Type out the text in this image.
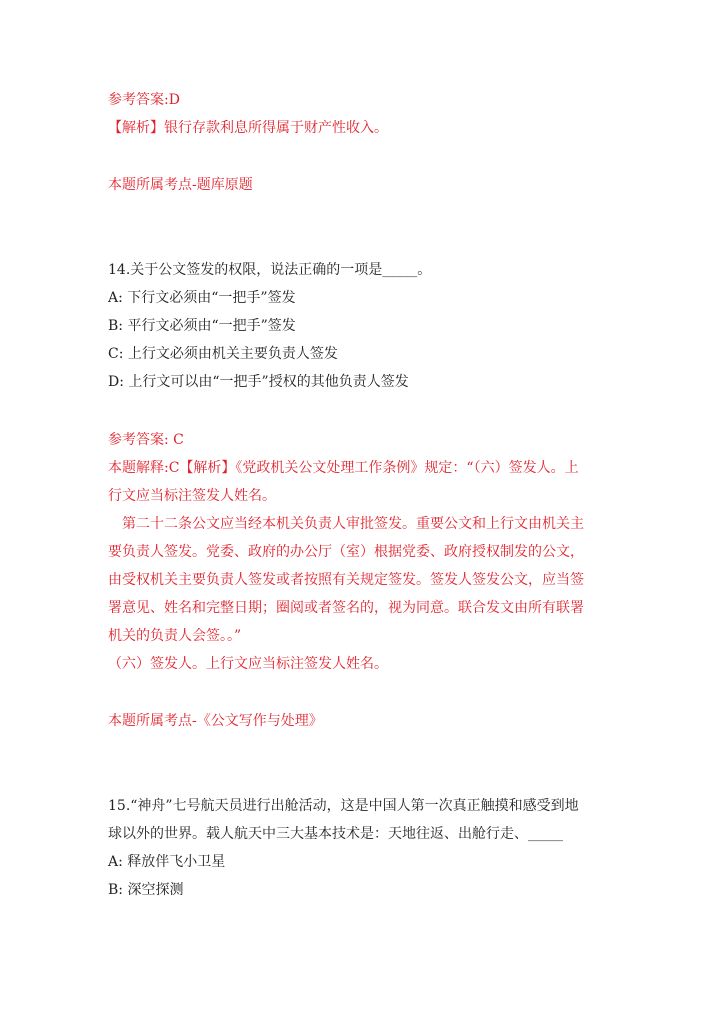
参考答案:D
【解析】银行存款利息所得属于财产性收入。
本题所属考点-题库原题
14.关于公文签发的权限，说法正确的一项是_____。
A: 下行文必须由“一把手”签发
B: 平行文必须由“一把手”签发
C: 上行文必须由机关主要负责人签发
D: 上行文可以由“一把手”授权的其他负责人签发
参考答案: C
本题解释:C【解析】《党政机关公文处理工作条例》规定：“（六）签发人。上
行文应当标注签发人姓名。
第二十二条公文应当经本机关负责人审批签发。重要公文和上行文由机关主
要负责人签发。党委、政府的办公厅（室）根据党委、政府授权制发的公文，
由受权机关主要负责人签发或者按照有关规定签发。签发人签发公文，应当签
署意见、姓名和完整日期；圈阅或者签名的，视为同意。联合发文由所有联署
机关的负责人会签。。”
（六）签发人。上行文应当标注签发人姓名。
本题所属考点-《公文写作与处理》
15.“神舟”七号航天员进行出舱活动，这是中国人第一次真正触摸和感受到地
球以外的世界。载人航天中三大基本技术是：天地往返、出舱行走、_____
A: 释放伴飞小卫星
B: 深空探测
